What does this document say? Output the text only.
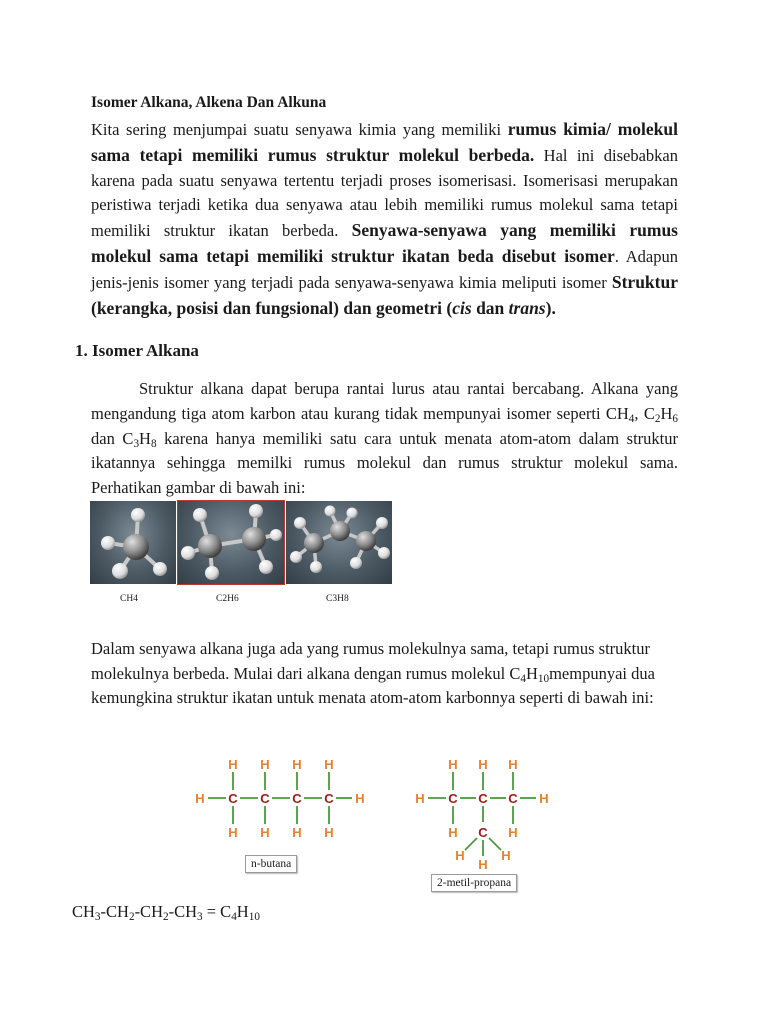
Isomer Alkana, Alkena Dan Alkuna

Kita sering menjumpai suatu senyawa kimia yang memiliki rumus kimia/ molekul sama tetapi memiliki rumus struktur molekul berbeda. Hal ini disebabkan karena pada suatu senyawa tertentu terjadi proses isomerisasi. Isomerisasi merupakan peristiwa terjadi ketika dua senyawa atau lebih memiliki rumus molekul sama tetapi memiliki struktur ikatan berbeda. Senyawa-senyawa yang memiliki rumus molekul sama tetapi memiliki struktur ikatan beda disebut isomer. Adapun jenis-jenis isomer yang terjadi pada senyawa-senyawa kimia meliputi isomer Struktur (kerangka, posisi dan fungsional) dan geometri (cis dan trans).

1. Isomer Alkana

Struktur alkana dapat berupa rantai lurus atau rantai bercabang. Alkana yang mengandung tiga atom karbon atau kurang tidak mempunyai isomer seperti $CH_4$, $C_2H_6$ dan $C_3H_8$ karena hanya memiliki satu cara untuk menata atom-atom dalam struktur ikatannya sehingga memilki rumus molekul dan rumus struktur molekul sama. Perhatikan gambar di bawah ini:

CH4	C2H6	C3H8

Dalam senyawa alkana juga ada yang rumus molekulnya sama, tetapi rumus struktur molekulnya berbeda. Mulai dari alkana dengan rumus molekul $C_4H_{10}mempunyai$ dua kemungkina struktur ikatan untuk menata atom-atom karbonnya seperti di bawah ini:

H C C C C H
H H H H
H H H H
n-butana
H C C C H
H H H
H	H
C
H	H
H
2-metil-propana
$CH_3-CH_2-CH_2-CH_3 = C_4H_{10}$
